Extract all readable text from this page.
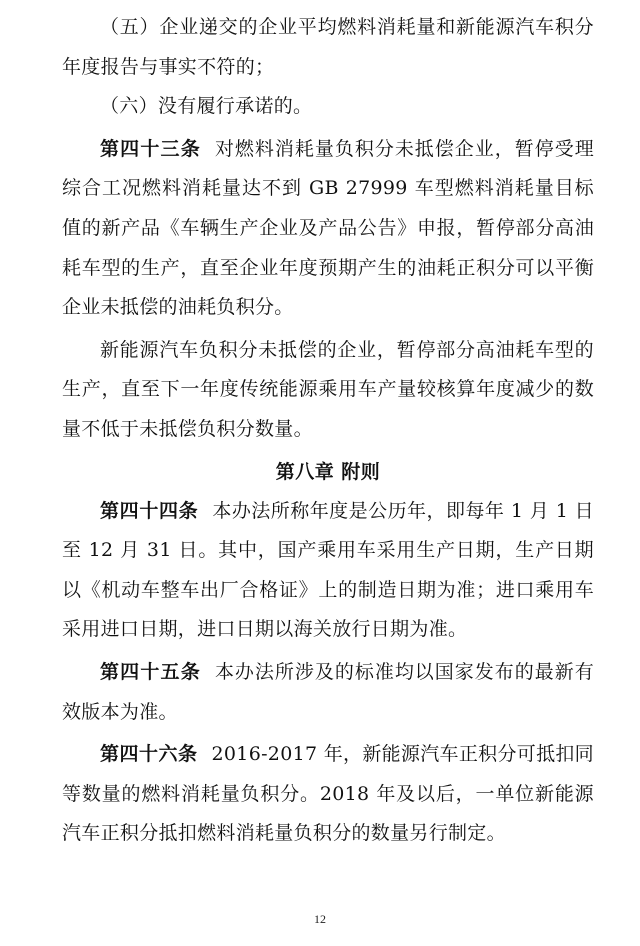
（五）企业递交的企业平均燃料消耗量和新能源汽车积分年度报告与事实不符的；

（六）没有履行承诺的。

第四十三条 对燃料消耗量负积分未抵偿企业，暂停受理综合工况燃料消耗量达不到 GB 27999 车型燃料消耗量目标值的新产品《车辆生产企业及产品公告》申报，暂停部分高油耗车型的生产，直至企业年度预期产生的油耗正积分可以平衡企业未抵偿的油耗负积分。

新能源汽车负积分未抵偿的企业，暂停部分高油耗车型的生产，直至下一年度传统能源乘用车产量较核算年度减少的数量不低于未抵偿负积分数量。

第八章 附则

第四十四条 本办法所称年度是公历年，即每年 1 月 1 日至 12 月 31 日。其中，国产乘用车采用生产日期，生产日期以《机动车整车出厂合格证》上的制造日期为准；进口乘用车采用进口日期，进口日期以海关放行日期为准。

第四十五条 本办法所涉及的标准均以国家发布的最新有效版本为准。

第四十六条 2016-2017 年，新能源汽车正积分可抵扣同等数量的燃料消耗量负积分。2018 年及以后，一单位新能源汽车正积分抵扣燃料消耗量负积分的数量另行制定。

12
